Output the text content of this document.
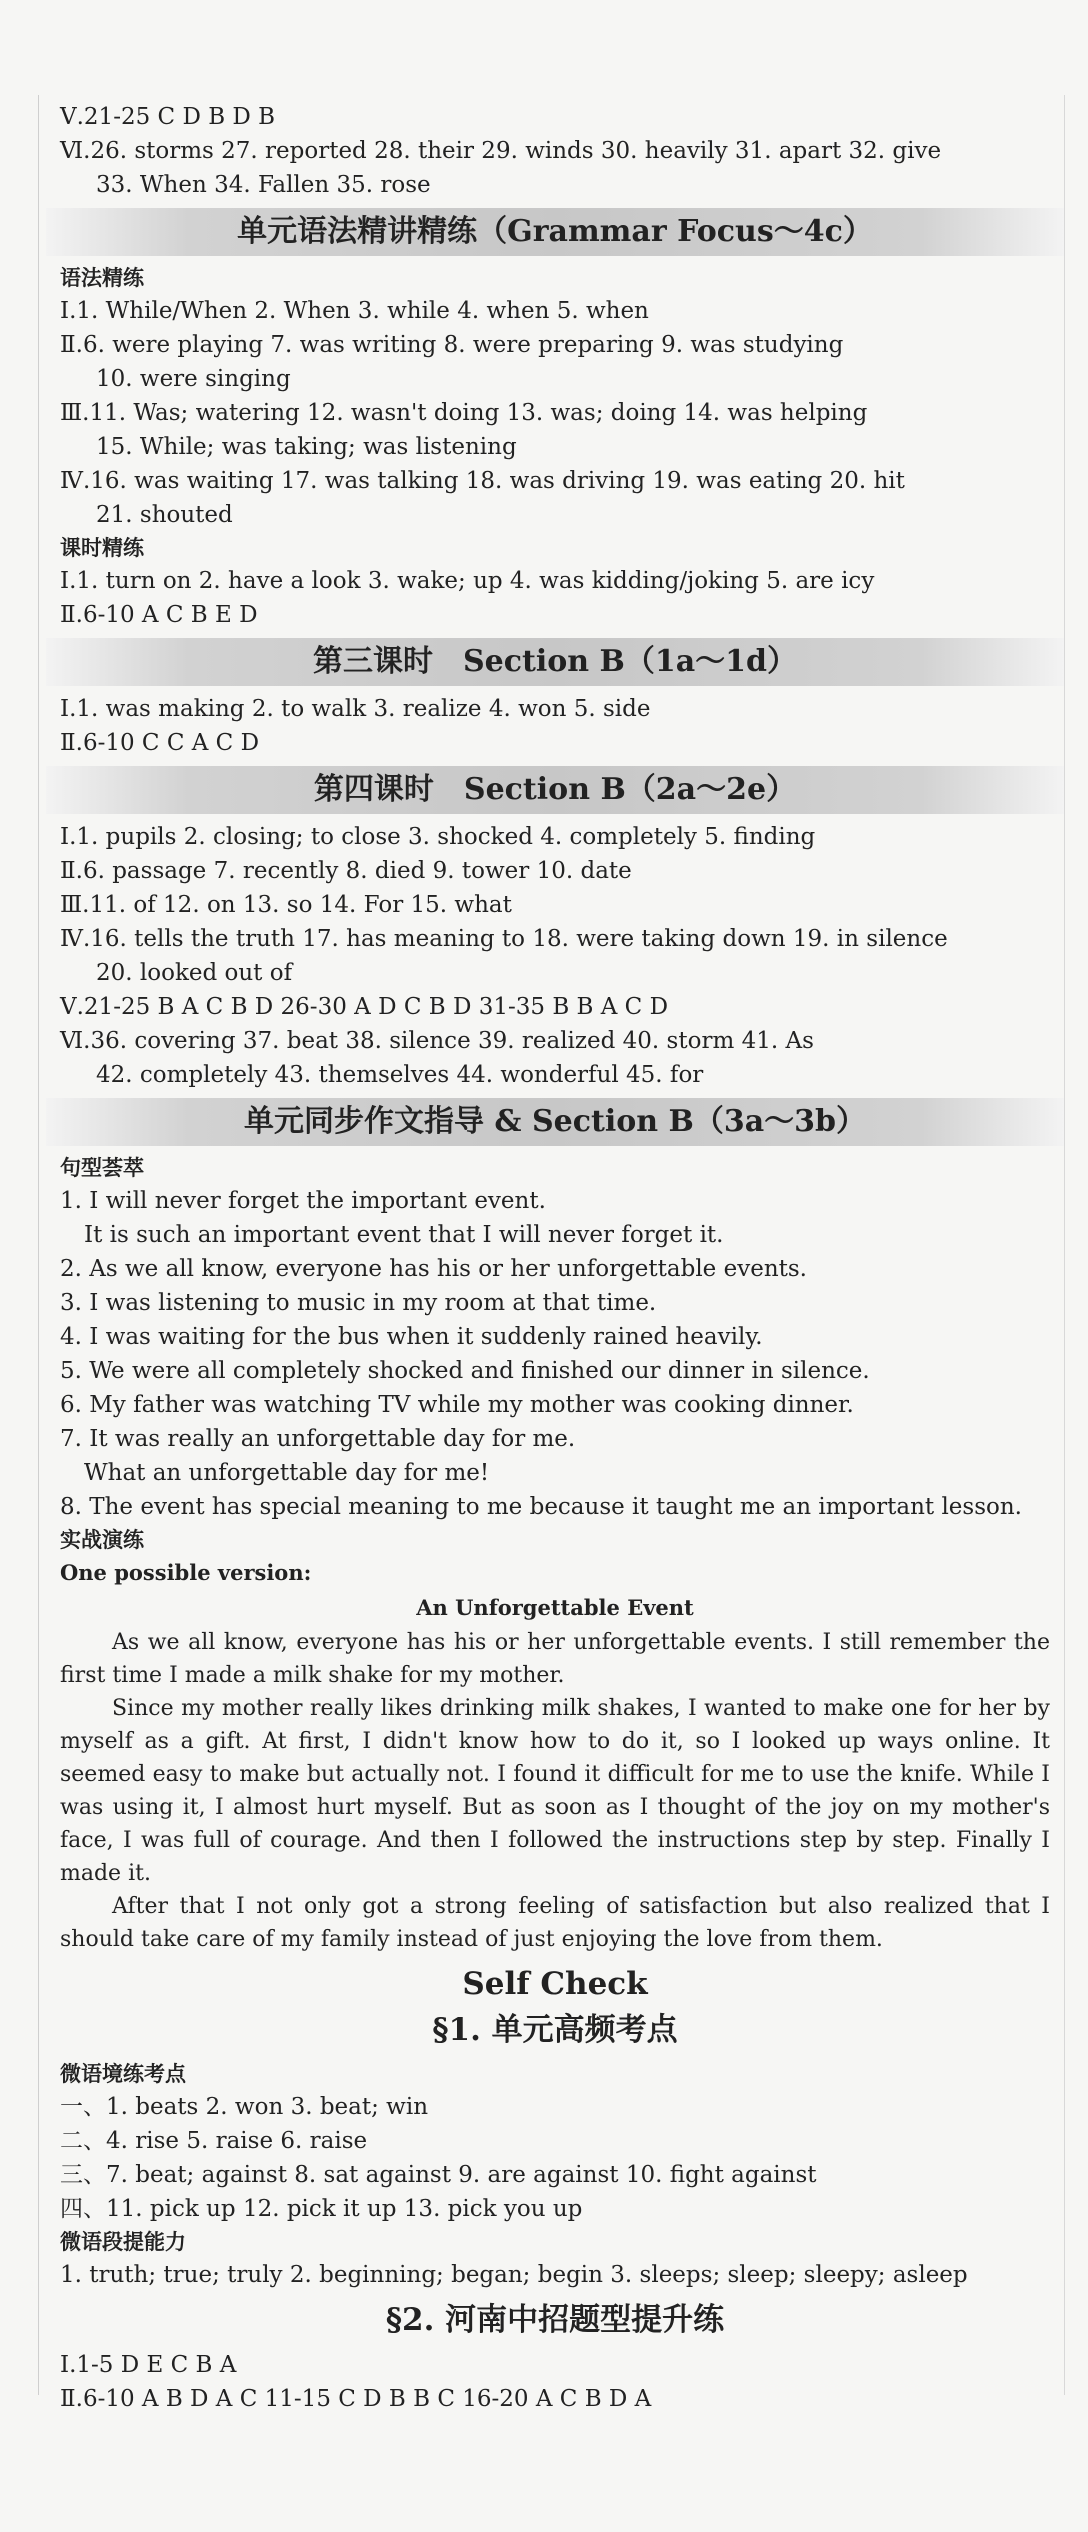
Ⅴ.21-25 C D B D B
Ⅵ.26. storms 27. reported 28. their 29. winds 30. heavily 31. apart 32. give
33. When 34. Fallen 35. rose
单元语法精讲精练（Grammar Focus～4c）
语法精练
Ⅰ.1. While/When 2. When 3. while 4. when 5. when
Ⅱ.6. were playing 7. was writing 8. were preparing 9. was studying
10. were singing
Ⅲ.11. Was; watering 12. wasn't doing 13. was; doing 14. was helping
15. While; was taking; was listening
Ⅳ.16. was waiting 17. was talking 18. was driving 19. was eating 20. hit
21. shouted
课时精练
Ⅰ.1. turn on 2. have a look 3. wake; up 4. was kidding/joking 5. are icy
Ⅱ.6-10 A C B E D
第三课时　Section B（1a～1d）
Ⅰ.1. was making 2. to walk 3. realize 4. won 5. side
Ⅱ.6-10 C C A C D
第四课时　Section B（2a～2e）
Ⅰ.1. pupils 2. closing; to close 3. shocked 4. completely 5. finding
Ⅱ.6. passage 7. recently 8. died 9. tower 10. date
Ⅲ.11. of 12. on 13. so 14. For 15. what
Ⅳ.16. tells the truth 17. has meaning to 18. were taking down 19. in silence
20. looked out of
Ⅴ.21-25 B A C B D 26-30 A D C B D 31-35 B B A C D
Ⅵ.36. covering 37. beat 38. silence 39. realized 40. storm 41. As
42. completely 43. themselves 44. wonderful 45. for
单元同步作文指导 & Section B（3a～3b）
句型荟萃
1. I will never forget the important event.
It is such an important event that I will never forget it.
2. As we all know, everyone has his or her unforgettable events.
3. I was listening to music in my room at that time.
4. I was waiting for the bus when it suddenly rained heavily.
5. We were all completely shocked and finished our dinner in silence.
6. My father was watching TV while my mother was cooking dinner.
7. It was really an unforgettable day for me.
What an unforgettable day for me!
8. The event has special meaning to me because it taught me an important lesson.
实战演练
One possible version:
An Unforgettable Event

As we all know, everyone has his or her unforgettable events. I still remember the first time I made a milk shake for my mother.

Since my mother really likes drinking milk shakes, I wanted to make one for her by myself as a gift. At first, I didn't know how to do it, so I looked up ways online. It seemed easy to make but actually not. I found it difficult for me to use the knife. While I was using it, I almost hurt myself. But as soon as I thought of the joy on my mother's face, I was full of courage. And then I followed the instructions step by step. Finally I made it.

After that I not only got a strong feeling of satisfaction but also realized that I should take care of my family instead of just enjoying the love from them.

Self Check
§1. 单元高频考点
微语境练考点
一、1. beats 2. won 3. beat; win
二、4. rise 5. raise 6. raise
三、7. beat; against 8. sat against 9. are against 10. fight against
四、11. pick up 12. pick it up 13. pick you up
微语段提能力
1. truth; true; truly 2. beginning; began; begin 3. sleeps; sleep; sleepy; asleep
§2. 河南中招题型提升练
Ⅰ.1-5 D E C B A
Ⅱ.6-10 A B D A C 11-15 C D B B C 16-20 A C B D A
